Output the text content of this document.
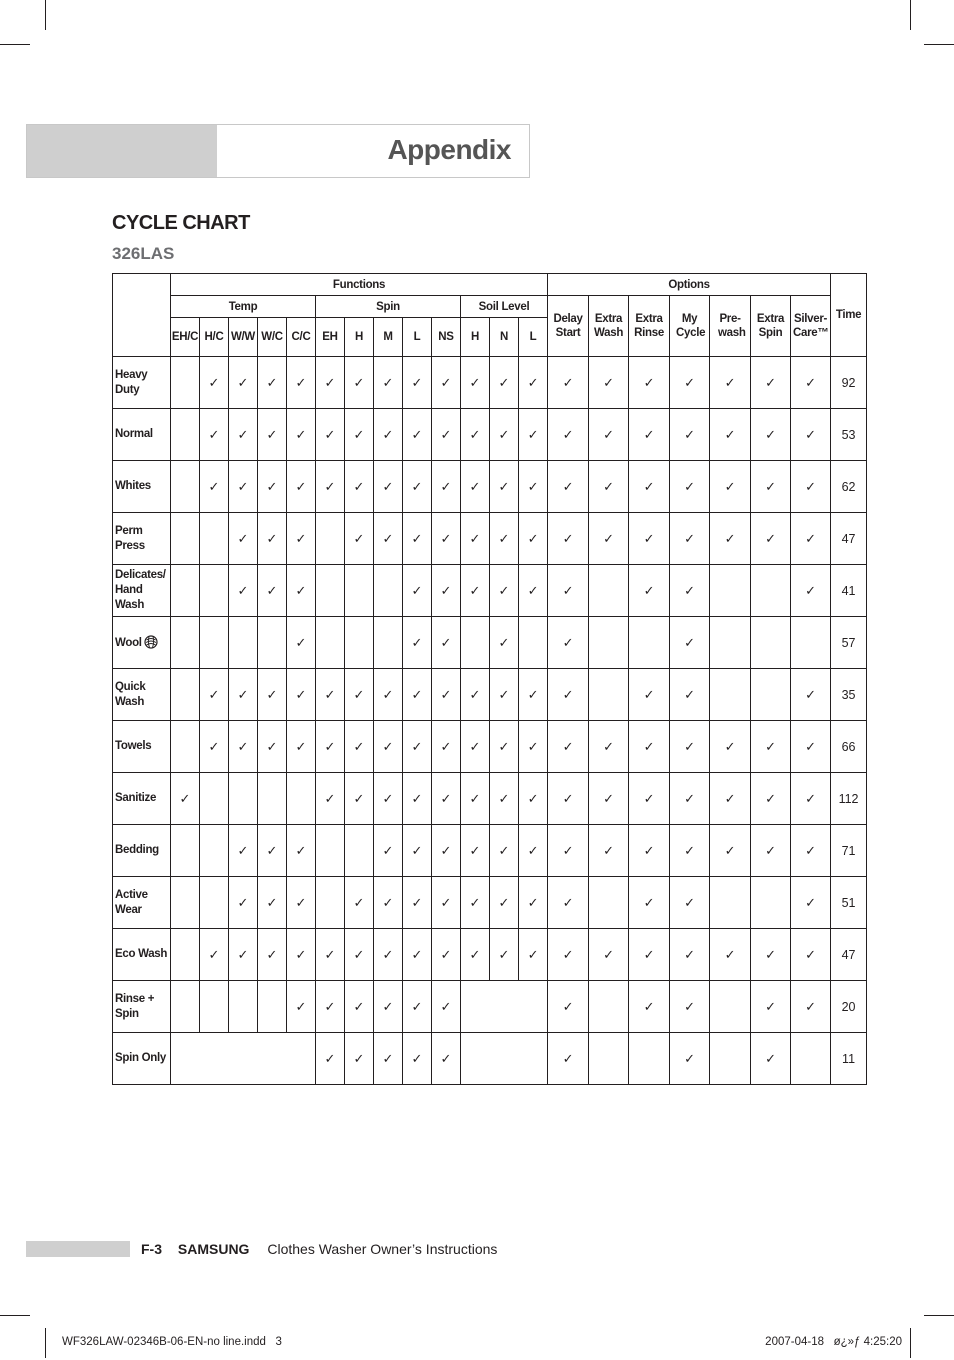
Appendix
CYCLE CHART
326LAS
	Functions													Options							Time
	Temp					Spin					Soil Level			Delay Start	Extra Wash	Extra Rinse	My Cycle	Pre-wash	Extra Spin	Silver-Care™	
	EH/C	H/C	W/W	W/C	C/C	EH	H	M	L	NS	H	N	L								
Heavy Duty		✓	✓	✓	✓	✓	✓	✓	✓	✓	✓	✓	✓	✓	✓	✓	✓	✓	✓	✓	92
Normal		✓	✓	✓	✓	✓	✓	✓	✓	✓	✓	✓	✓	✓	✓	✓	✓	✓	✓	✓	53
Whites		✓	✓	✓	✓	✓	✓	✓	✓	✓	✓	✓	✓	✓	✓	✓	✓	✓	✓	✓	62
Perm Press			✓	✓	✓		✓	✓	✓	✓	✓	✓	✓	✓	✓	✓	✓	✓	✓	✓	47
Delicates/ Hand Wash			✓	✓	✓				✓	✓	✓	✓	✓	✓		✓	✓			✓	41
Wool					✓				✓	✓		✓		✓			✓				57
Quick Wash		✓	✓	✓	✓	✓	✓	✓	✓	✓	✓	✓	✓	✓		✓	✓			✓	35
Towels		✓	✓	✓	✓	✓	✓	✓	✓	✓	✓	✓	✓	✓	✓	✓	✓	✓	✓	✓	66
Sanitize	✓					✓	✓	✓	✓	✓	✓	✓	✓	✓	✓	✓	✓	✓	✓	✓	112
Bedding			✓	✓	✓			✓	✓	✓	✓	✓	✓	✓	✓	✓	✓	✓	✓	✓	71
Active Wear			✓	✓	✓		✓	✓	✓	✓	✓	✓	✓	✓		✓	✓			✓	51
Eco Wash		✓	✓	✓	✓	✓	✓	✓	✓	✓	✓	✓	✓	✓	✓	✓	✓	✓	✓	✓	47
Rinse + Spin					✓	✓	✓	✓	✓	✓				✓		✓	✓		✓	✓	20
Spin Only						✓	✓	✓	✓	✓				✓			✓		✓		11
F-3 SAMSUNG Clothes Washer Owner’s Instructions
WF326LAW-02346B-06-EN-no line.indd   3	2007-04-18   ø¿»ƒ 4:25:20
